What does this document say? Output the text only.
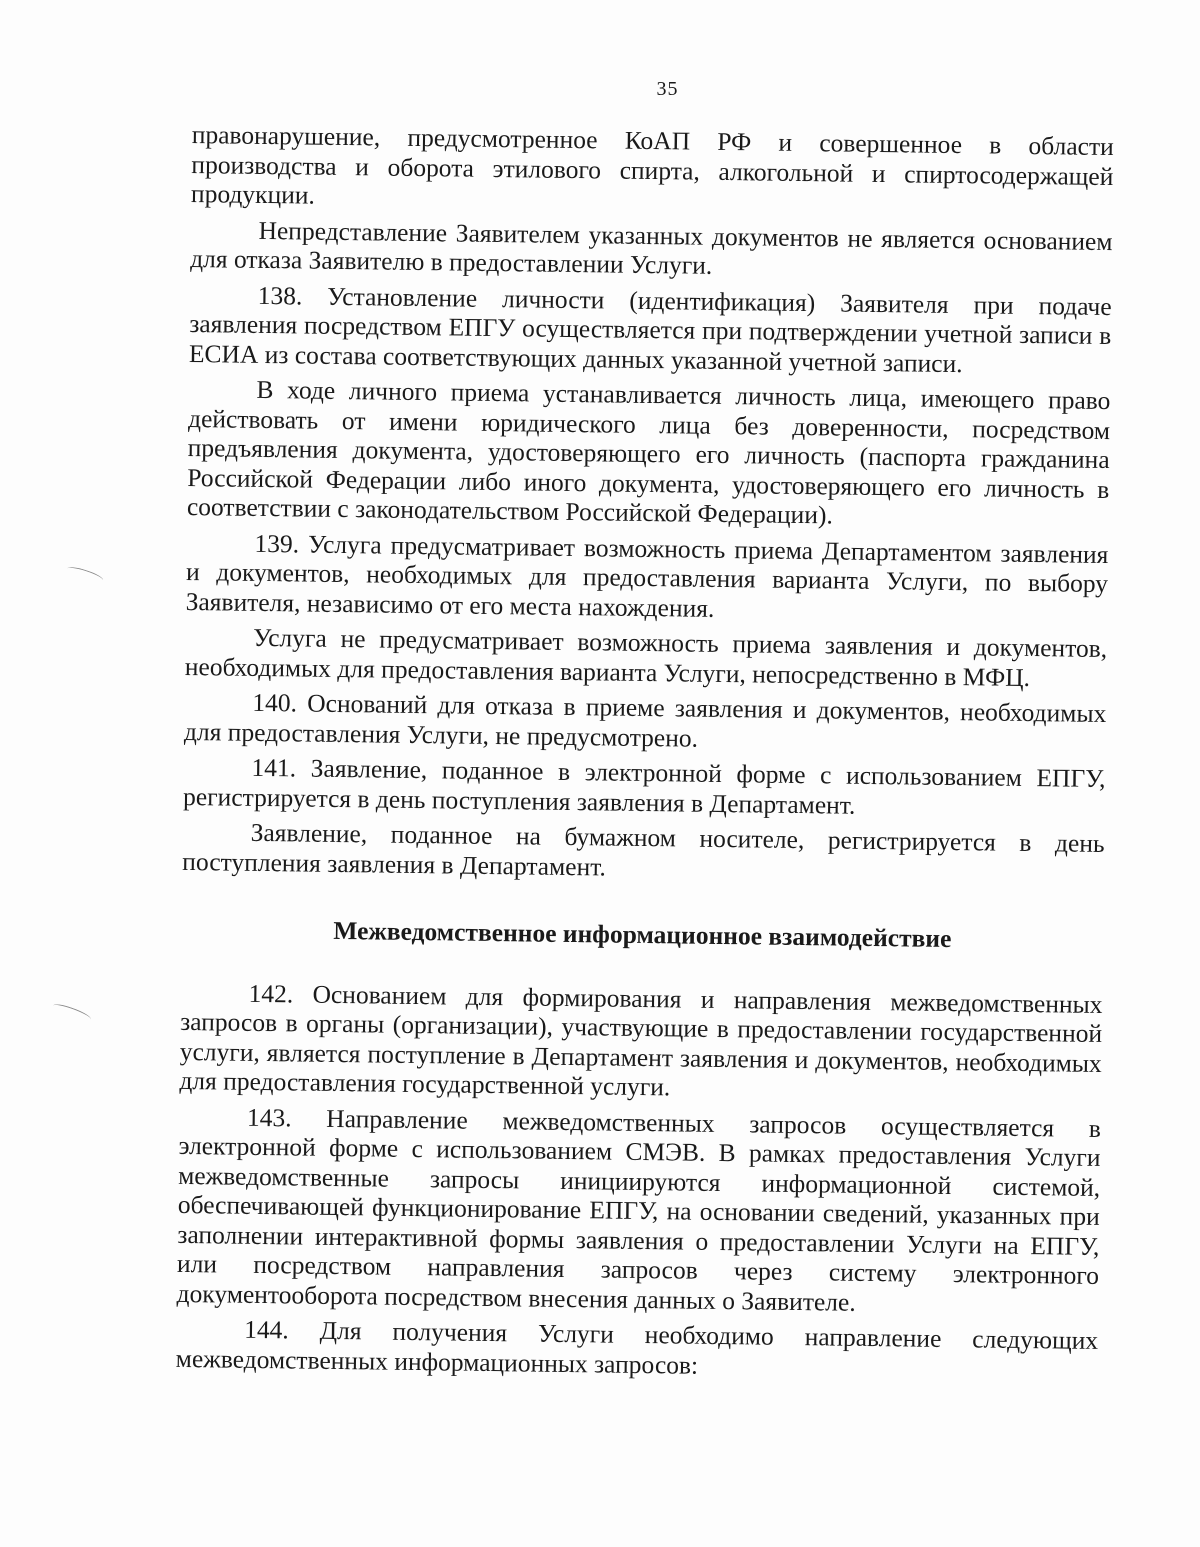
35

правонарушение, предусмотренное КоАП РФ и совершенное в области производства и оборота этилового спирта, алкогольной и спиртосодержащей продукции.

Непредставление Заявителем указанных документов не является основанием для отказа Заявителю в предоставлении Услуги.

138. Установление личности (идентификация) Заявителя при подаче заявления посредством ЕПГУ осуществляется при подтверждении учетной записи в ЕСИА из состава соответствующих данных указанной учетной записи.

В ходе личного приема устанавливается личность лица, имеющего право действовать от имени юридического лица без доверенности, посредством предъявления документа, удостоверяющего его личность (паспорта гражданина Российской Федерации либо иного документа, удостоверяющего его личность в соответствии с законодательством Российской Федерации).

139. Услуга предусматривает возможность приема Департаментом заявления и документов, необходимых для предоставления варианта Услуги, по выбору Заявителя, независимо от его места нахождения.

Услуга не предусматривает возможность приема заявления и документов, необходимых для предоставления варианта Услуги, непосредственно в МФЦ.

140. Оснований для отказа в приеме заявления и документов, необходимых для предоставления Услуги, не предусмотрено.

141. Заявление, поданное в электронной форме с использованием ЕПГУ, регистрируется в день поступления заявления в Департамент.

Заявление, поданное на бумажном носителе, регистрируется в день поступления заявления в Департамент.

Межведомственное информационное взаимодействие

142. Основанием для формирования и направления межведомственных запросов в органы (организации), участвующие в предоставлении государственной услуги, является поступление в Департамент заявления и документов, необходимых для предоставления государственной услуги.

143. Направление межведомственных запросов осуществляется в электронной форме с использованием СМЭВ. В рамках предоставления Услуги межведомственные запросы инициируются информационной системой, обеспечивающей функционирование ЕПГУ, на основании сведений, указанных при заполнении интерактивной формы заявления о предоставлении Услуги на ЕПГУ, или посредством направления запросов через систему электронного документооборота посредством внесения данных о Заявителе.

144. Для получения Услуги необходимо направление следующих межведомственных информационных запросов:
